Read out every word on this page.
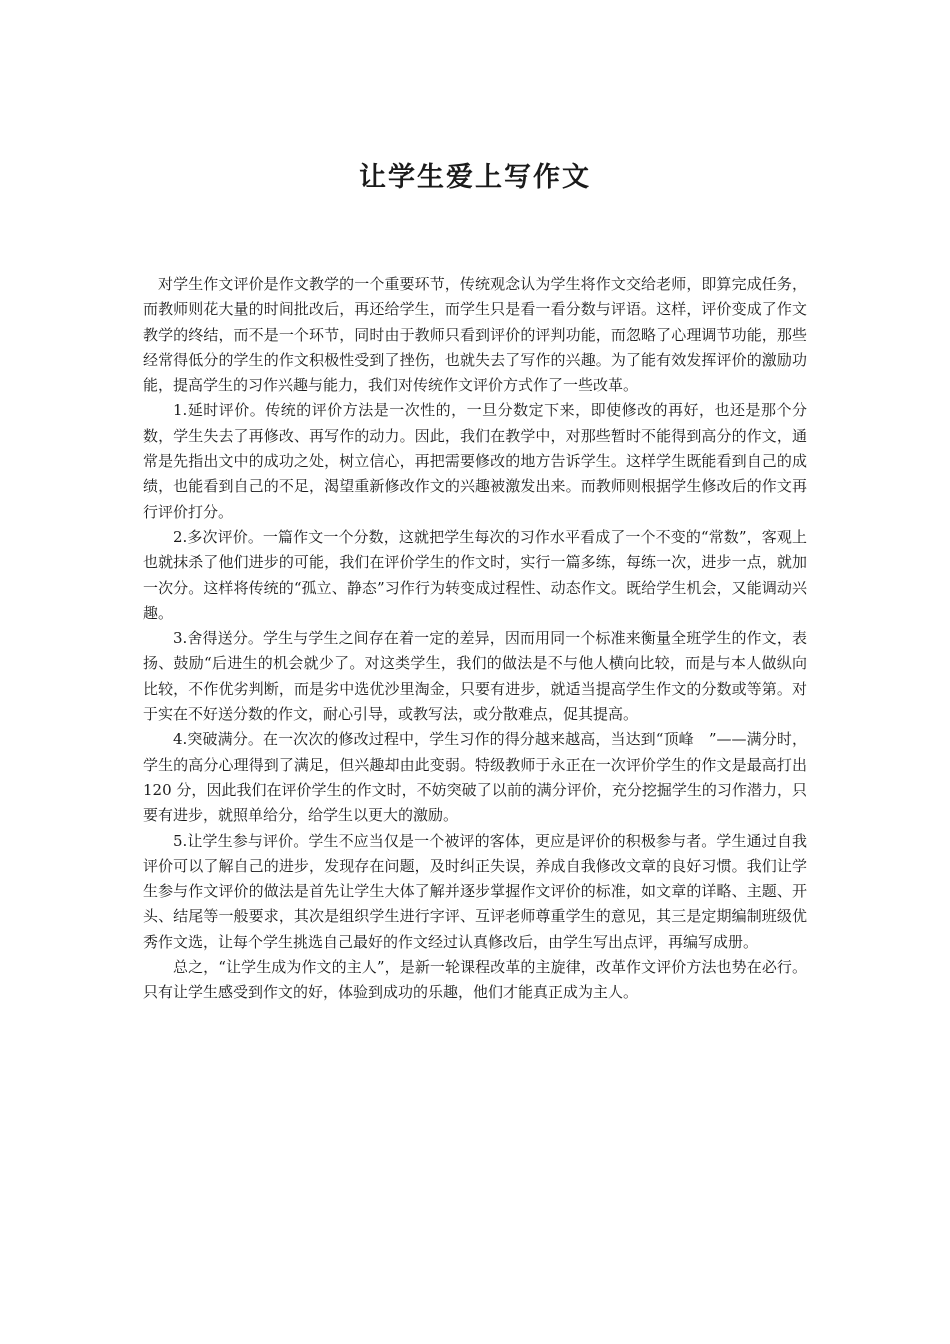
让学生爱上写作文

对学生作文评价是作文教学的一个重要环节，传统观念认为学生将作文交给老师，即算完成任务，而教师则花大量的时间批改后，再还给学生，而学生只是看一看分数与评语。这样，评价变成了作文教学的终结，而不是一个环节，同时由于教师只看到评价的评判功能，而忽略了心理调节功能，那些经常得低分的学生的作文积极性受到了挫伤，也就失去了写作的兴趣。为了能有效发挥评价的激励功能，提高学生的习作兴趣与能力，我们对传统作文评价方式作了一些改革。

1.延时评价。传统的评价方法是一次性的，一旦分数定下来，即使修改的再好，也还是那个分数，学生失去了再修改、再写作的动力。因此，我们在教学中，对那些暂时不能得到高分的作文，通常是先指出文中的成功之处，树立信心，再把需要修改的地方告诉学生。这样学生既能看到自己的成绩，也能看到自己的不足，渴望重新修改作文的兴趣被激发出来。而教师则根据学生修改后的作文再行评价打分。

2.多次评价。一篇作文一个分数，这就把学生每次的习作水平看成了一个不变的“常数”，客观上也就抹杀了他们进步的可能，我们在评价学生的作文时，实行一篇多练，每练一次，进步一点，就加一次分。这样将传统的“孤立、静态”习作行为转变成过程性、动态作文。既给学生机会，又能调动兴趣。

3.舍得送分。学生与学生之间存在着一定的差异，因而用同一个标准来衡量全班学生的作文，表扬、鼓励“后进生的机会就少了。对这类学生，我们的做法是不与他人横向比较，而是与本人做纵向比较，不作优劣判断，而是劣中选优沙里淘金，只要有进步，就适当提高学生作文的分数或等第。对于实在不好送分数的作文，耐心引导，或教写法，或分散难点，促其提高。

4.突破满分。在一次次的修改过程中，学生习作的得分越来越高，当达到“顶峰　”——满分时，学生的高分心理得到了满足，但兴趣却由此变弱。特级教师于永正在一次评价学生的作文是最高打出 120 分，因此我们在评价学生的作文时，不妨突破了以前的满分评价，充分挖掘学生的习作潜力，只要有进步，就照单给分，给学生以更大的激励。

5.让学生参与评价。学生不应当仅是一个被评的客体，更应是评价的积极参与者。学生通过自我评价可以了解自己的进步，发现存在问题，及时纠正失误，养成自我修改文章的良好习惯。我们让学生参与作文评价的做法是首先让学生大体了解并逐步掌握作文评价的标准，如文章的详略、主题、开头、结尾等一般要求，其次是组织学生进行字评、互评老师尊重学生的意见，其三是定期编制班级优秀作文选，让每个学生挑选自己最好的作文经过认真修改后，由学生写出点评，再编写成册。

总之，“让学生成为作文的主人”，是新一轮课程改革的主旋律，改革作文评价方法也势在必行。只有让学生感受到作文的好，体验到成功的乐趣，他们才能真正成为主人。
